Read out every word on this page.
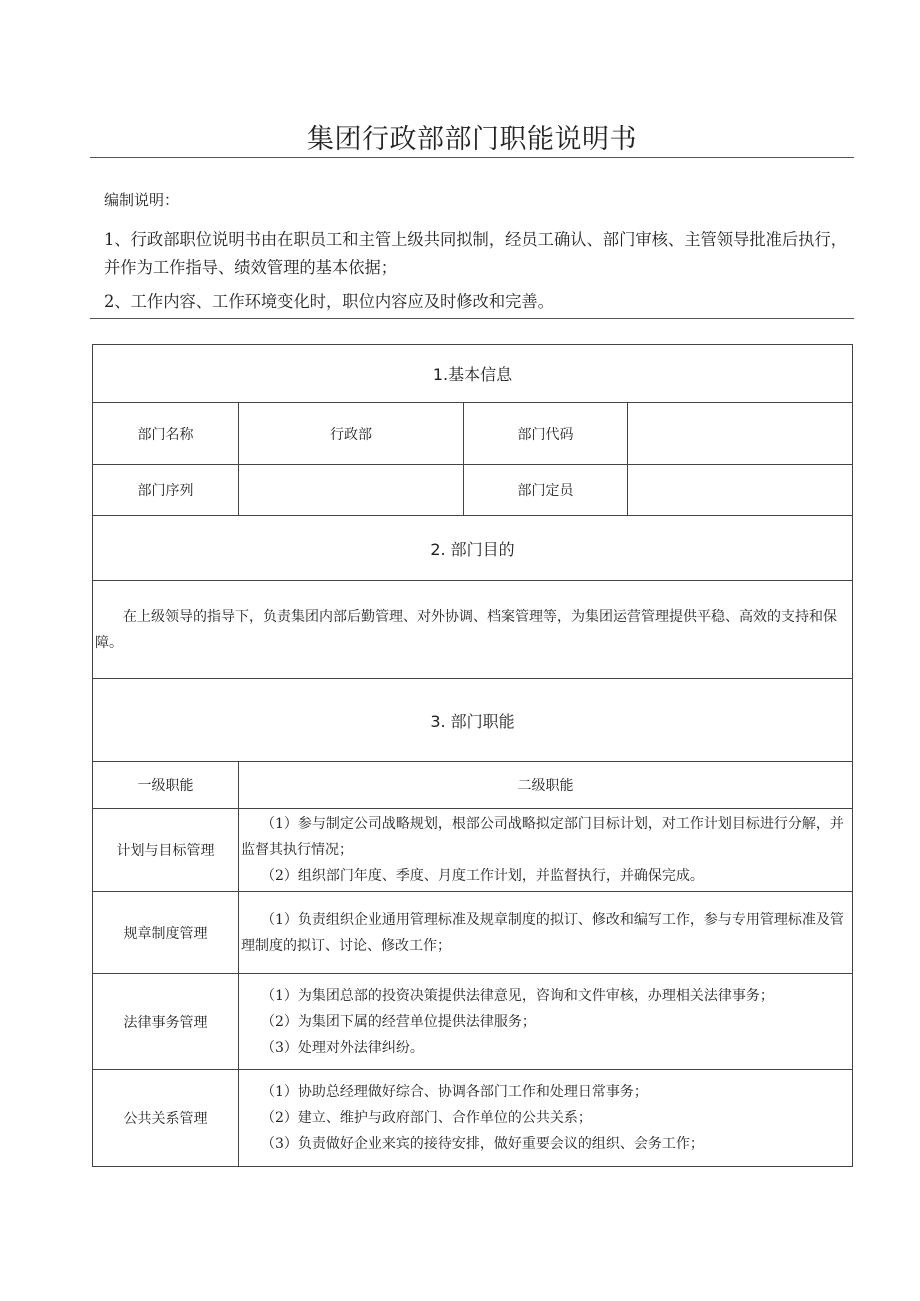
集团行政部部门职能说明书
编制说明：

1、行政部职位说明书由在职员工和主管上级共同拟制，经员工确认、部门审核、主管领导批准后执行，并作为工作指导、绩效管理的基本依据；

2、工作内容、工作环境变化时，职位内容应及时修改和完善。

1.基本信息			
部门名称	行政部	部门代码	
部门序列		部门定员	
2. 部门目的			
在上级领导的指导下，负责集团内部后勤管理、对外协调、档案管理等，为集团运营管理提供平稳、高效的支持和保障。			
3. 部门职能			
一级职能	二级职能		
计划与目标管理	（1）参与制定公司战略规划，根部公司战略拟定部门目标计划，对工作计划目标进行分解，并监督其执行情况；
（2）组织部门年度、季度、月度工作计划，并监督执行，并确保完成。		

规章制度管理	（1）负责组织企业通用管理标准及规章制度的拟订、修改和编写工作，参与专用管理标准及管理制度的拟订、讨论、修改工作；		

法律事务管理	（1）为集团总部的投资决策提供法律意见，咨询和文件审核，办理相关法律事务；
（2）为集团下属的经营单位提供法律服务；
（3）处理对外法律纠纷。		

公共关系管理	（1）协助总经理做好综合、协调各部门工作和处理日常事务；
（2）建立、维护与政府部门、合作单位的公共关系；
（3）负责做好企业来宾的接待安排，做好重要会议的组织、会务工作；		
